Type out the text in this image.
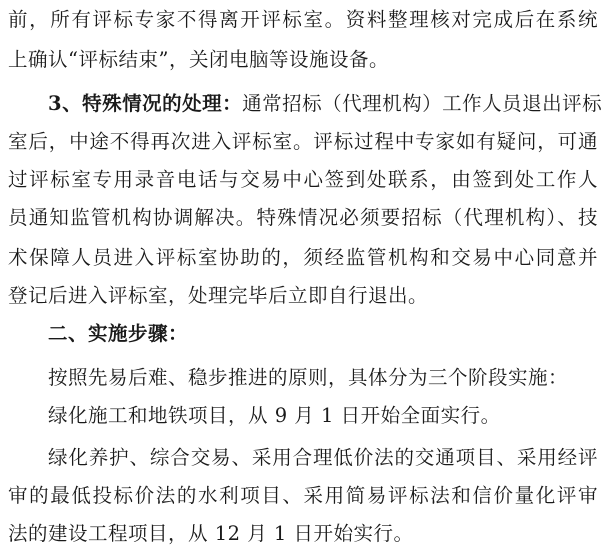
前，所有评标专家不得离开评标室。资料整理核对完成后在系统
上确认“评标结束”，关闭电脑等设施设备。
3、特殊情况的处理：通常招标（代理机构）工作人员退出评标
室后，中途不得再次进入评标室。评标过程中专家如有疑问，可通
过评标室专用录音电话与交易中心签到处联系，由签到处工作人
员通知监管机构协调解决。特殊情况必须要招标（代理机构）、技
术保障人员进入评标室协助的，须经监管机构和交易中心同意并
登记后进入评标室，处理完毕后立即自行退出。
二、实施步骤：
按照先易后难、稳步推进的原则，具体分为三个阶段实施：
绿化施工和地铁项目，从 9 月 1 日开始全面实行。
绿化养护、综合交易、采用合理低价法的交通项目、采用经评
审的最低投标价法的水利项目、采用简易评标法和信价量化评审
法的建设工程项目，从 12 月 1 日开始实行。
